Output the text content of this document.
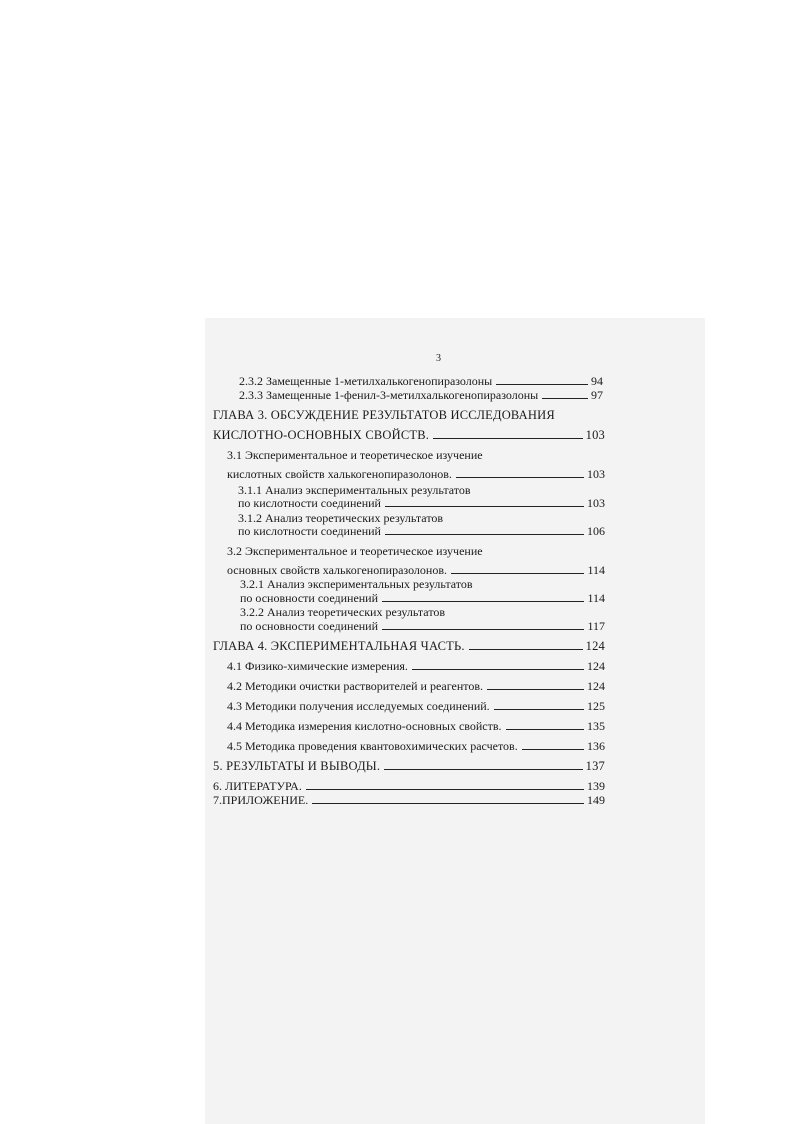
3
2.3.2 Замещенные 1-метилхалькогенопиразолоны	94
2.3.3 Замещенные 1-фенил-3-метилхалькогенопиразолоны	97
ГЛАВА 3. ОБСУЖДЕНИЕ РЕЗУЛЬТАТОВ ИССЛЕДОВАНИЯ
КИСЛОТНО-ОСНОВНЫХ СВОЙСТВ.	103
3.1 Экспериментальное и теоретическое изучение
кислотных свойств халькогенопиразолонов.	103
3.1.1 Анализ экспериментальных результатов
по кислотности соединений	103
3.1.2 Анализ теоретических результатов
по кислотности соединений	106
3.2 Экспериментальное и теоретическое изучение
основных свойств халькогенопиразолонов.	114
3.2.1 Анализ экспериментальных результатов
по основности соединений	114
3.2.2 Анализ теоретических результатов
по основности соединений	117
ГЛАВА 4. ЭКСПЕРИМЕНТАЛЬНАЯ ЧАСТЬ.	124
4.1 Физико-химические измерения.	124
4.2 Методики очистки растворителей и реагентов.	124
4.3 Методики получения исследуемых соединений.	125
4.4 Методика измерения кислотно-основных свойств.	135
4.5 Методика проведения квантовохимических расчетов.	136
5. РЕЗУЛЬТАТЫ И ВЫВОДЫ.	137
6. ЛИТЕРАТУРА.	139
7.ПРИЛОЖЕНИЕ.	149
